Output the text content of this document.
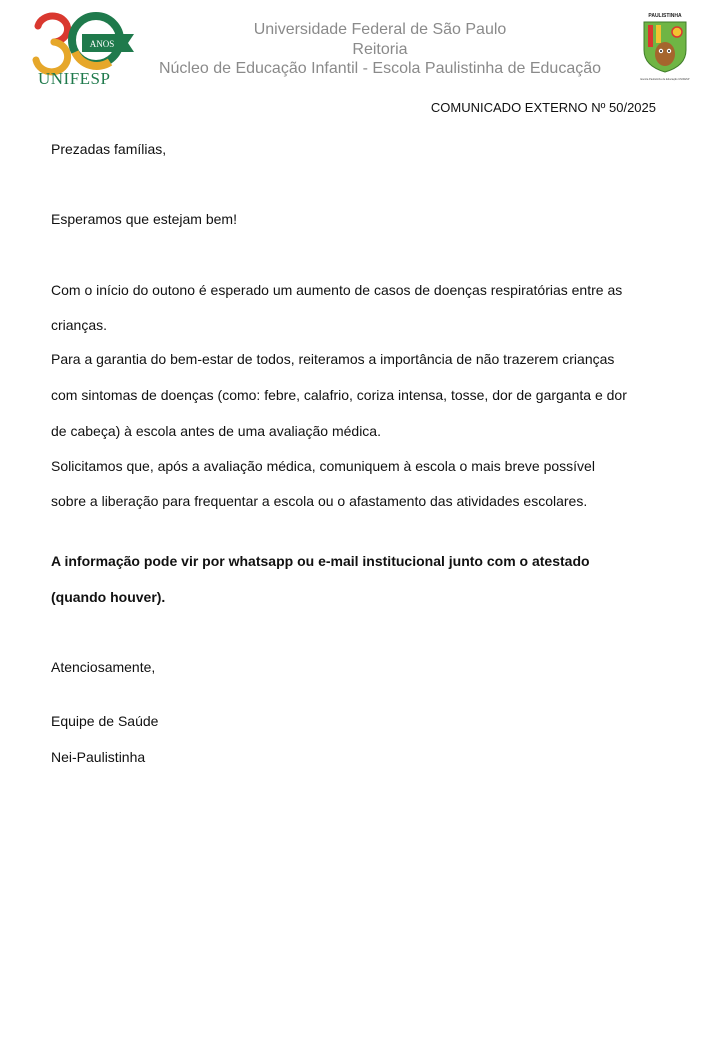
ANOS
UNIFESP
PAULISTINHA
Escola Paulistinha de Educação UNIFESP
Universidade Federal de São Paulo
Reitoria
Núcleo de Educação Infantil - Escola Paulistinha de Educação
COMUNICADO EXTERNO Nº 50/2025

Prezadas famílias,

Esperamos que estejam bem!

Com o início do outono é esperado um aumento de casos de doenças respiratórias entre as

crianças.

Para a garantia do bem-estar de todos, reiteramos a importância de não trazerem crianças

com sintomas de doenças (como: febre, calafrio, coriza intensa, tosse, dor de garganta e dor

de cabeça) à escola antes de uma avaliação médica.

Solicitamos que, após a avaliação médica, comuniquem à escola o mais breve possível

sobre a liberação para frequentar a escola ou o afastamento das atividades escolares.

A informação pode vir por whatsapp ou e-mail institucional junto com o atestado

(quando houver).

Atenciosamente,

Equipe de Saúde

Nei-Paulistinha
